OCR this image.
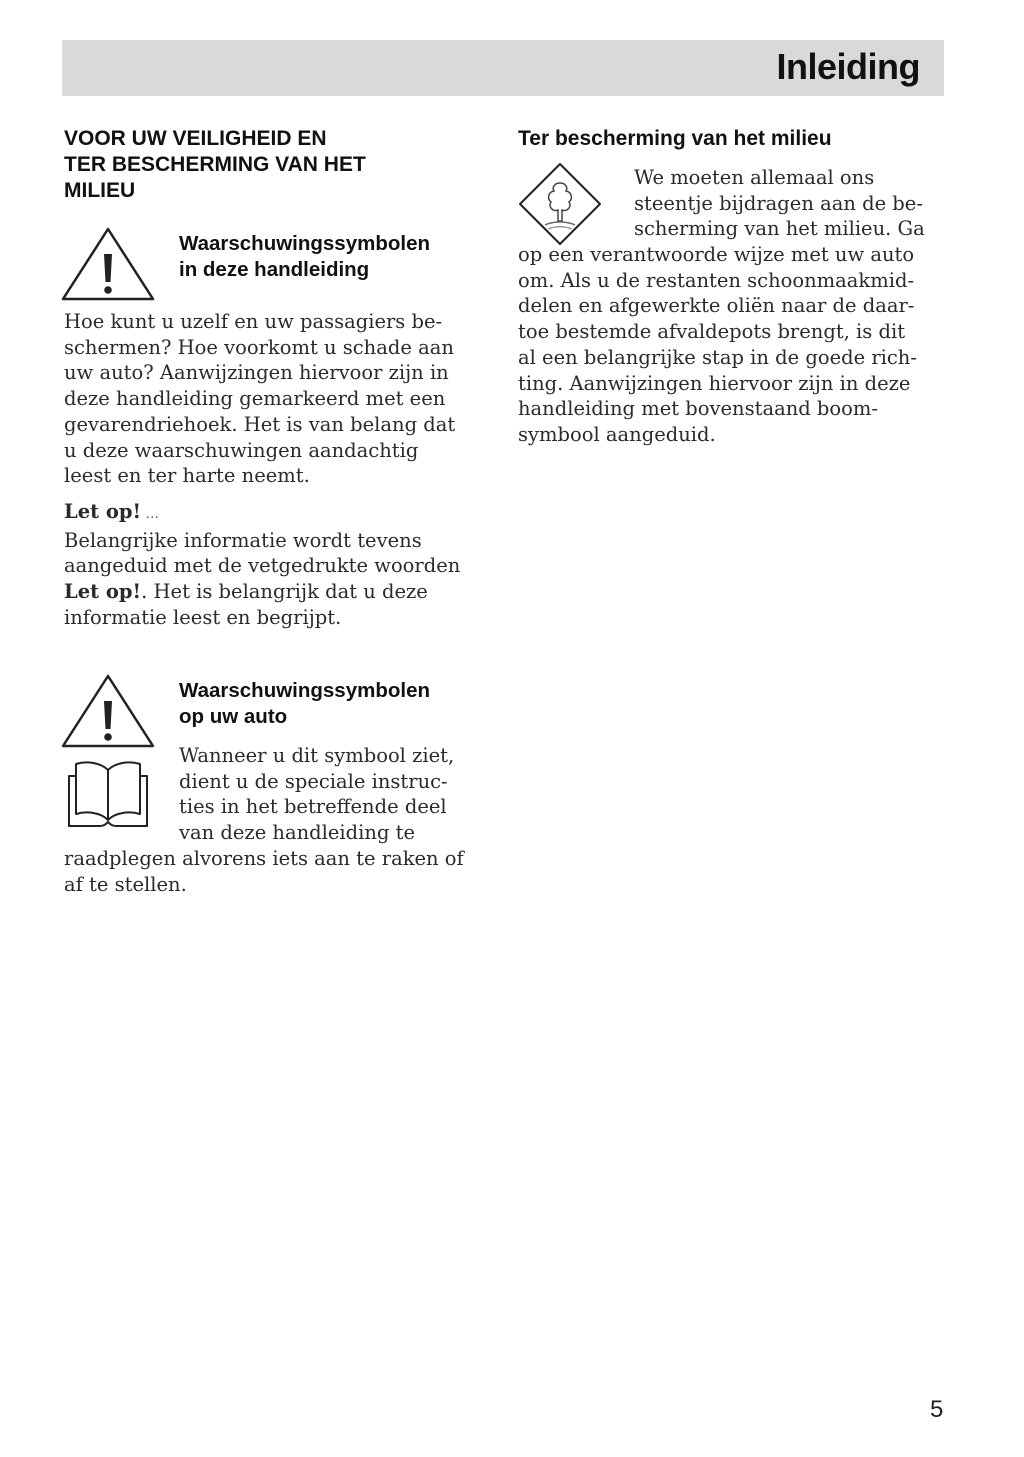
Inleiding
VOOR UW VEILIGHEID EN
TER BESCHERMING VAN HET
MILIEU
Waarschuwingssymbolen
in deze handleiding
Hoe kunt u uzelf en uw passagiers be-
schermen? Hoe voorkomt u schade aan
uw auto? Aanwijzingen hiervoor zijn in
deze handleiding gemarkeerd met een
gevarendriehoek. Het is van belang dat
u deze waarschuwingen aandachtig
leest en ter harte neemt.
Let op! ...
Belangrijke informatie wordt tevens
aangeduid met de vetgedrukte woorden
Let op!. Het is belangrijk dat u deze
informatie leest en begrijpt.
Waarschuwingssymbolen
op uw auto
Wanneer u dit symbool ziet,
dient u de speciale instruc-
ties in het betreffende deel
van deze handleiding te
raadplegen alvorens iets aan te raken of
af te stellen.
Ter bescherming van het milieu
We moeten allemaal ons
steentje bijdragen aan de be-
scherming van het milieu. Ga
op een verantwoorde wijze met uw auto
om. Als u de restanten schoonmaakmid-
delen en afgewerkte oliën naar de daar-
toe bestemde afvaldepots brengt, is dit
al een belangrijke stap in de goede rich-
ting. Aanwijzingen hiervoor zijn in deze
handleiding met bovenstaand boom-
symbool aangeduid.
5
